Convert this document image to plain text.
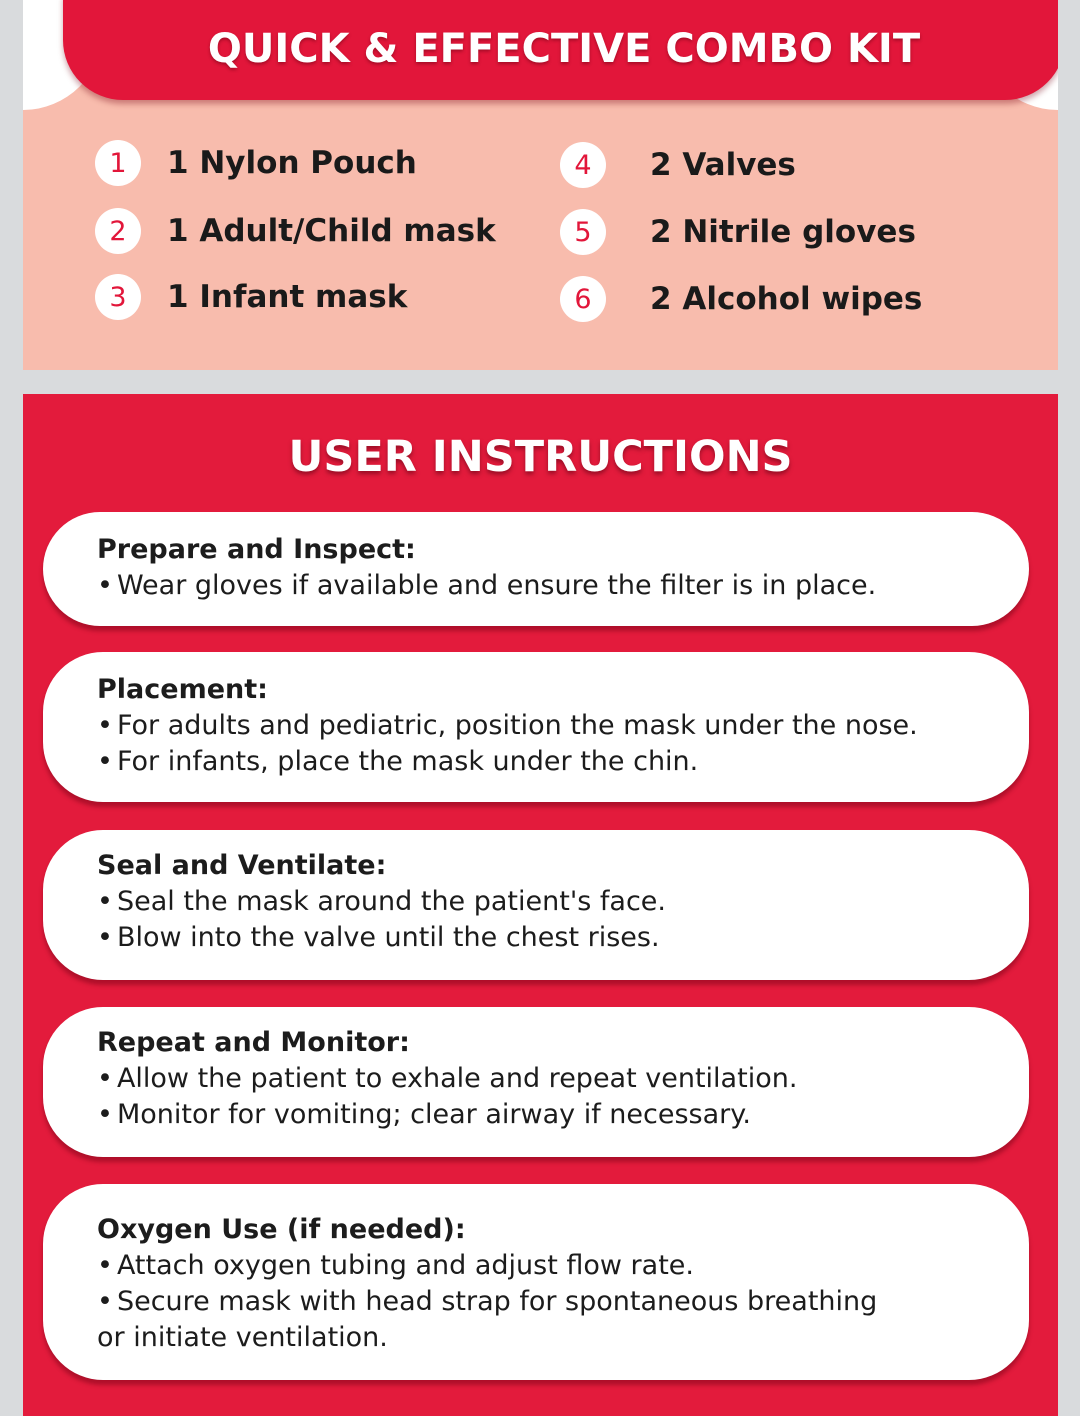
QUICK & EFFECTIVE COMBO KIT
1	1 Nylon Pouch
2	1 Adult/Child mask
3	1 Infant mask
4	2 Valves
5	2 Nitrile gloves
6	2 Alcohol wipes
USER INSTRUCTIONS
Prepare and Inspect:
• Wear gloves if available and ensure the filter is in place.
Placement:
• For adults and pediatric, position the mask under the nose.
• For infants, place the mask under the chin.
Seal and Ventilate:
• Seal the mask around the patient's face.
• Blow into the valve until the chest rises.
Repeat and Monitor:
• Allow the patient to exhale and repeat ventilation.
• Monitor for vomiting; clear airway if necessary.
Oxygen Use (if needed):
• Attach oxygen tubing and adjust flow rate.
• Secure mask with head strap for spontaneous breathing
or initiate ventilation.
